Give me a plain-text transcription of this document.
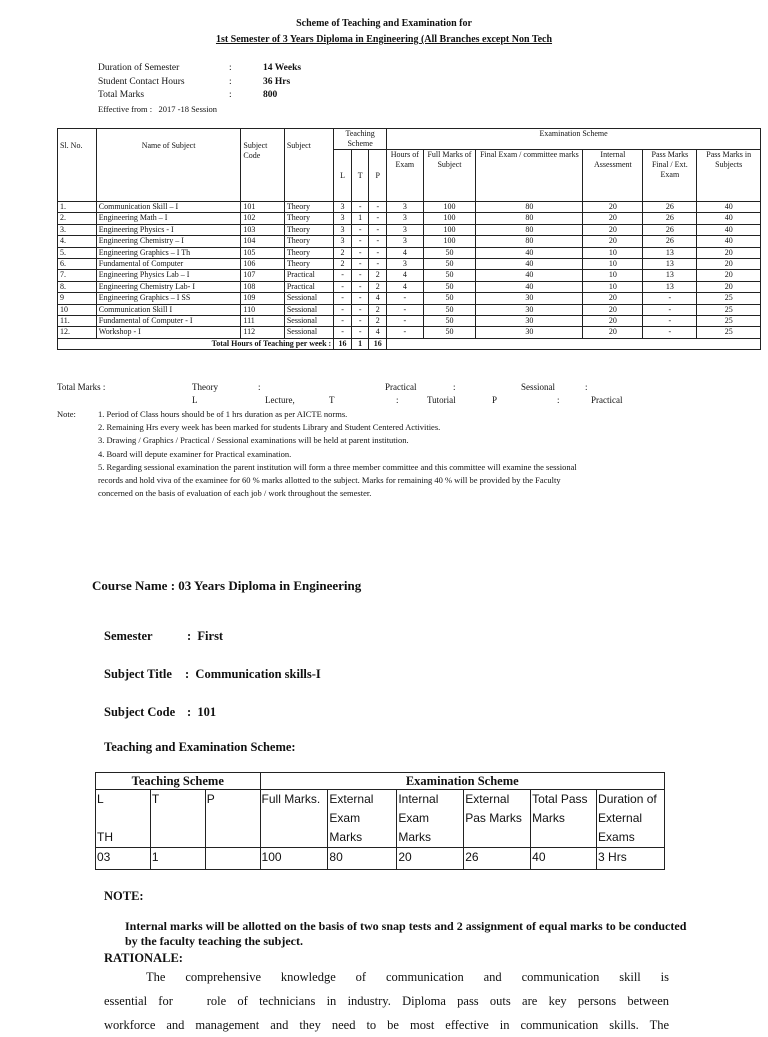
Scheme of Teaching and Examination for
1st Semester of 3 Years Diploma in Engineering (All Branches except Non Tech
Duration of Semester	:	14 Weeks
Student Contact Hours	:	36 Hrs
Total Marks	:	800
Effective from :   2017 -18 Session
Sl. No.	Name of Subject	Subject Code	Subject	Teaching Scheme			Examination Scheme					
				L	T	P	Hours of Exam	Full Marks of Subject	Final Exam / committee marks	Internal Assessment	Pass Marks Final / Ext. Exam	Pass Marks in Subjects
1.	Communication Skill – I	101	Theory	3	-	-	3	100	80	20	26	40
2.	Engineering Math – I	102	Theory	3	1	-	3	100	80	20	26	40
3.	Engineering Physics - I	103	Theory	3	-	-	3	100	80	20	26	40
4.	Engineering Chemistry – I	104	Theory	3	-	-	3	100	80	20	26	40
5.	Engineering Graphics – I Th	105	Theory	2	-	-	4	50	40	10	13	20
6.	Fundamental of Computer	106	Theory	2	-	-	3	50	40	10	13	20
7.	Engineering Physics Lab – I	107	Practical	-	-	2	4	50	40	10	13	20
8.	Engineering Chemistry Lab- I	108	Practical	-	-	2	4	50	40	10	13	20
9	Engineering Graphics – I SS	109	Sessional	-	-	4	-	50	30	20	-	25
10	Communication Skill I	110	Sessional	-	-	2	-	50	30	20	-	25
11.	Fundamental of Computer - I	111	Sessional	-	-	2	-	50	30	20	-	25
12.	Workshop - I	112	Sessional	-	-	4	-	50	30	20	-	25
Total Hours of Teaching per week :				16	1	16						
Total Marks :	Theory	:	Practical	:	Sessional	:
L	Lecture,	T	:	Tutorial	P	:	Practical
Note:	1. Period of Class hours should be of 1 hrs duration as per AICTE norms.
2. Remaining Hrs every week has been marked for students Library and Student Centered Activities.
3. Drawing / Graphics / Practical / Sessional examinations will be held at parent institution.
4. Board will depute examiner for Practical examination.
5. Regarding sessional examination the parent institution will form a three member committee and this committee will examine the sessional
records and hold viva of the examinee for 60 % marks allotted to the subject. Marks for remaining 40 % will be provided by the Faculty
concerned on the basis of evaluation of each job / work throughout the semester.
Course Name : 03 Years Diploma in Engineering
Semester	:  First
Subject Title :  Communication skills-I
Subject Code :  101
Teaching and Examination Scheme:
Teaching Scheme			Examination Scheme					

L
TH	T	P	Full Marks.	External Exam Marks	Internal Exam Marks	External Pas Marks	Total Pass Marks	Duration of External Exams
03	1		100	80	20	26	40	3 Hrs
NOTE:
Internal marks will be allotted on the basis of two snap tests and 2 assignment of equal marks to be conducted by the faculty teaching the subject.
RATIONALE:
The comprehensive knowledge of communication and communication skill is
essential for   role of technicians in industry. Diploma pass outs are key persons between
workforce and management and they need to be most effective in communication skills. The
